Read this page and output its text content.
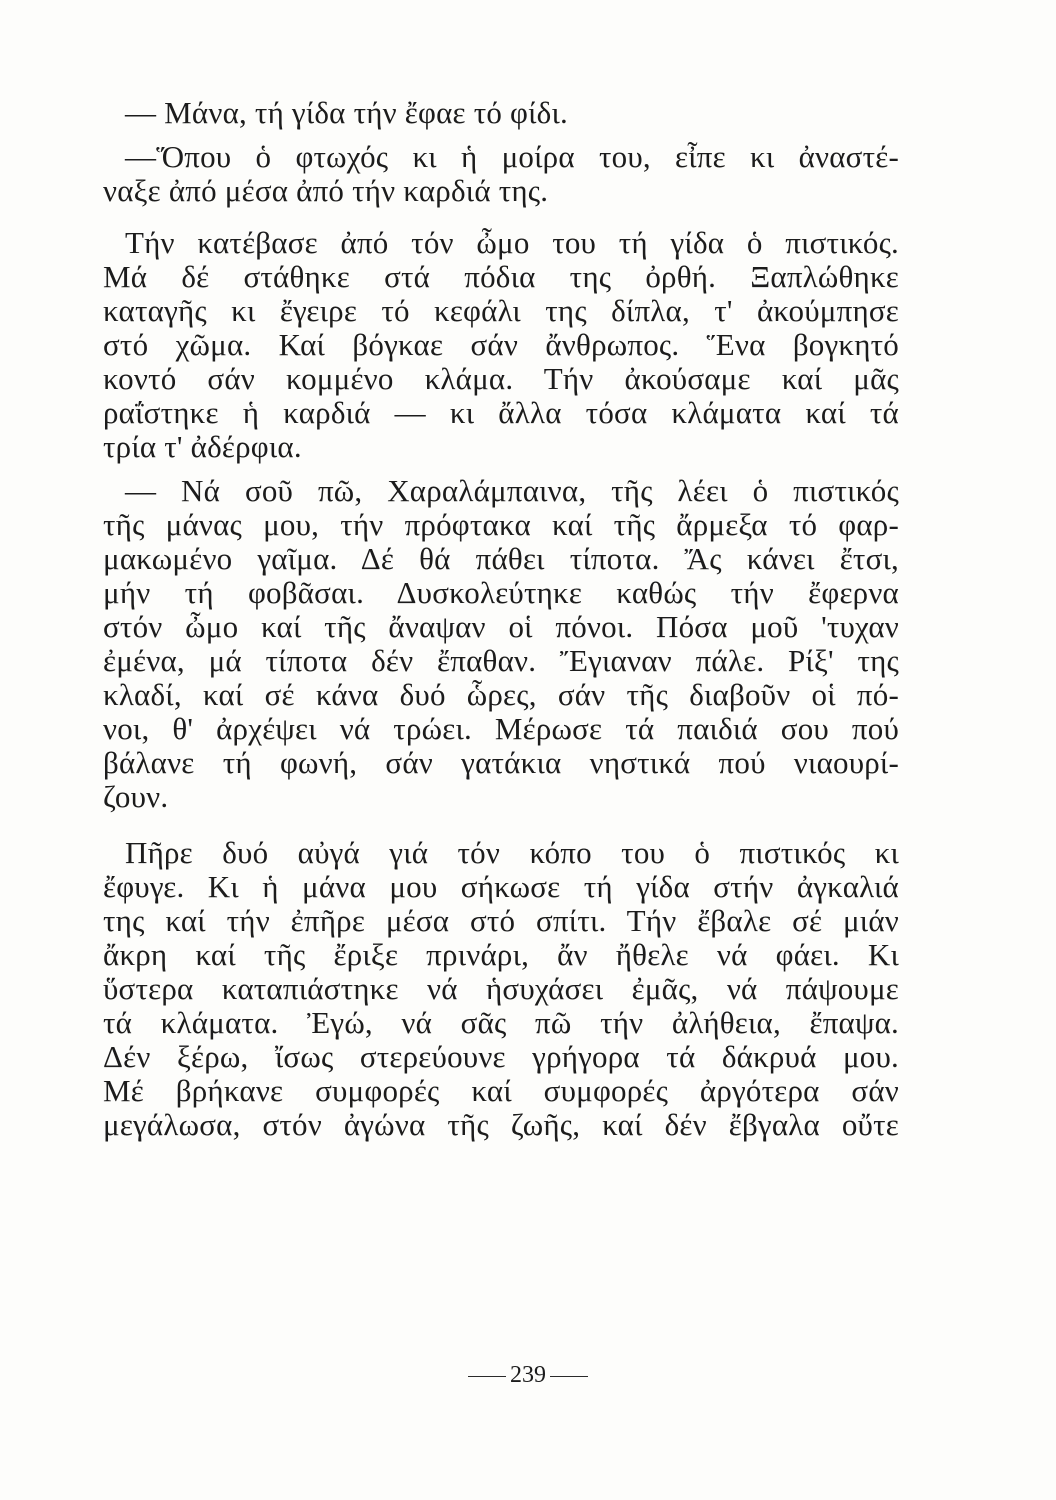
— Μάνα, τή γίδα τήν ἔφαε τό φίδι.
—Ὅπου ὁ φτωχός κι ἡ μοίρα του, εἶπε κι ἀναστέ-
ναξε ἀπό μέσα ἀπό τήν καρδιά της.
Τήν κατέβασε ἀπό τόν ὦμο του τή γίδα ὁ πιστικός.
Μά δέ στάθηκε στά πόδια της ὀρθή. Ξαπλώθηκε
καταγῆς κι ἔγειρε τό κεφάλι της δίπλα, τ' ἀκούμπησε
στό χῶμα. Καί βόγκαε σάν ἄνθρωπος. Ἕνα βογκητό
κοντό σάν κομμένο κλάμα. Τήν ἀκούσαμε καί μᾶς
ραΐστηκε ἡ καρδιά — κι ἄλλα τόσα κλάματα καί τά
τρία τ' ἀδέρφια.
— Νά σοῦ πῶ, Χαραλάμπαινα, τῆς λέει ὁ πιστικός
τῆς μάνας μου, τήν πρόφτακα καί τῆς ἄρμεξα τό φαρ-
μακωμένο γαῖμα. Δέ θά πάθει τίποτα. Ἄς κάνει ἔτσι,
μήν τή φοβᾶσαι. Δυσκολεύτηκε καθώς τήν ἔφερνα
στόν ὦμο καί τῆς ἄναψαν οἱ πόνοι. Πόσα μοῦ 'τυχαν
ἐμένα, μά τίποτα δέν ἔπαθαν. Ἔγιαναν πάλε. Ρίξ' της
κλαδί, καί σέ κάνα δυό ὧρες, σάν τῆς διαβοῦν οἱ πό-
νοι, θ' ἀρχέψει νά τρώει. Μέρωσε τά παιδιά σου πού
βάλανε τή φωνή, σάν γατάκια νηστικά πού νιαουρί-
ζουν.
Πῆρε δυό αὐγά γιά τόν κόπο του ὁ πιστικός κι
ἔφυγε. Κι ἡ μάνα μου σήκωσε τή γίδα στήν ἀγκαλιά
της καί τήν ἐπῆρε μέσα στό σπίτι. Τήν ἔβαλε σέ μιάν
ἄκρη καί τῆς ἔριξε πρινάρι, ἄν ἤθελε νά φάει. Κι
ὕστερα καταπιάστηκε νά ἡσυχάσει ἐμᾶς, νά πάψουμε
τά κλάματα. Ἐγώ, νά σᾶς πῶ τήν ἀλήθεια, ἔπαψα.
Δέν ξέρω, ἴσως στερεύουνε γρήγορα τά δάκρυά μου.
Μέ βρήκανε συμφορές καί συμφορές ἀργότερα σάν
μεγάλωσα, στόν ἀγώνα τῆς ζωῆς, καί δέν ἔβγαλα οὔτε
239
